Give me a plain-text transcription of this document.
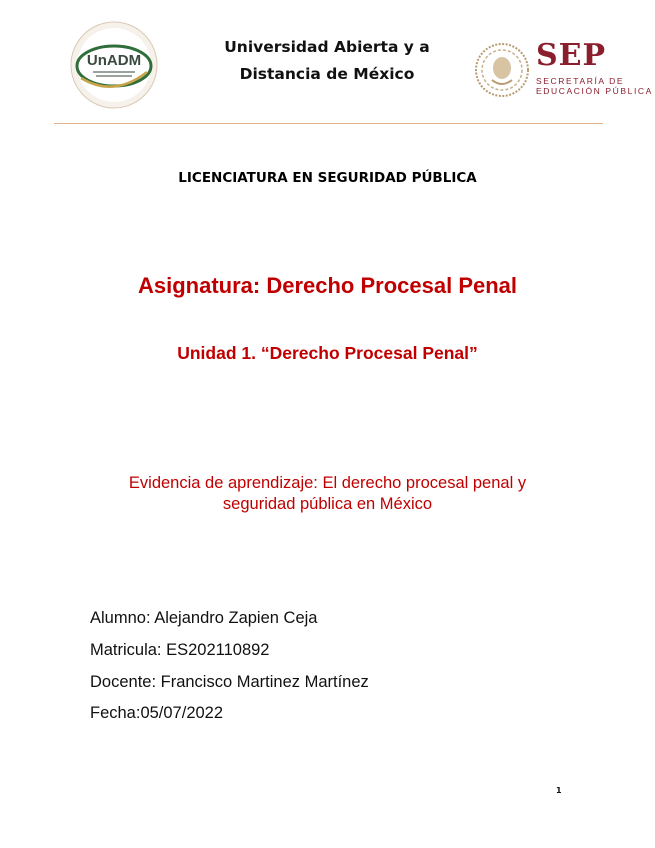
UnADM
Universidad Abierta y a
Distancia de México
SEP
SECRETARÍA DE
EDUCACIÓN PÚBLICA
LICENCIATURA EN SEGURIDAD PÚBLICA
Asignatura: Derecho Procesal Penal
Unidad 1. “Derecho Procesal Penal”
Evidencia de aprendizaje: El derecho procesal penal y
seguridad pública en México
Alumno: Alejandro Zapien Ceja
Matricula: ES202110892
Docente: Francisco Martinez Martínez
Fecha:05/07/2022
1
